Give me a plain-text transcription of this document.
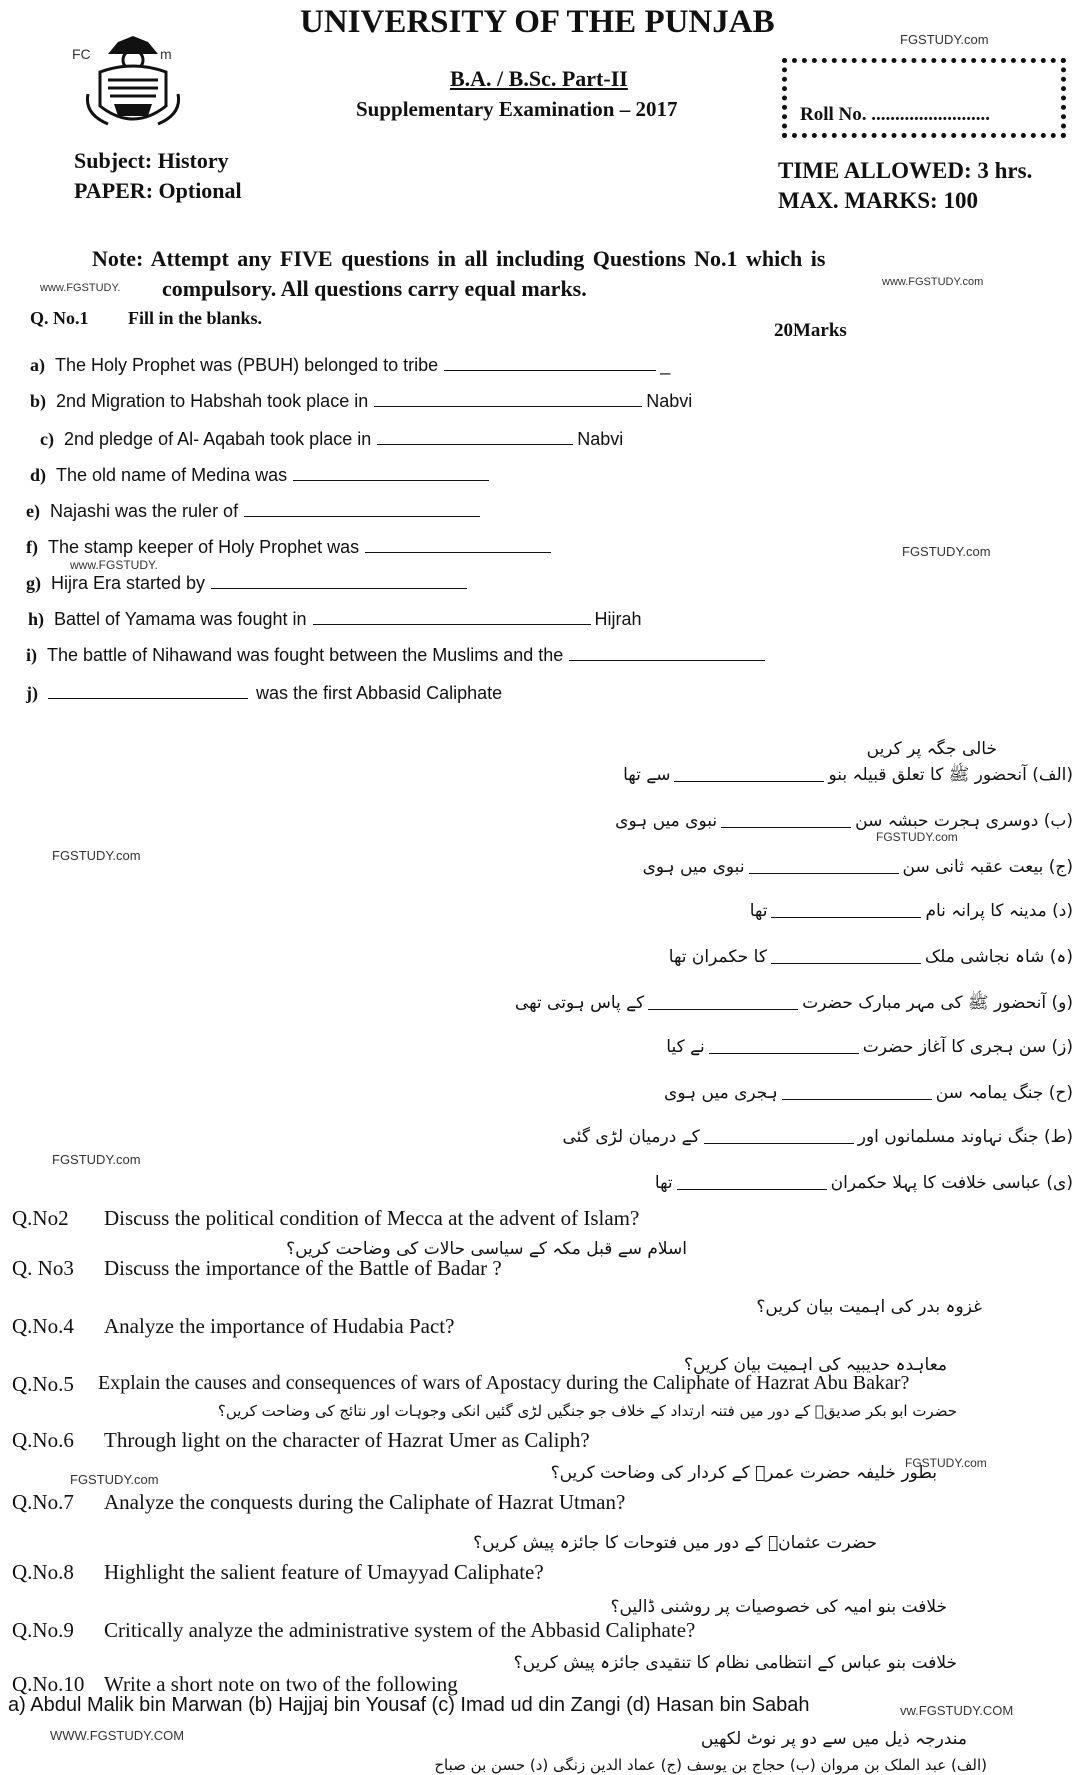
UNIVERSITY OF THE PUNJAB
FC	m
B.A. / B.Sc. Part-II
Supplementary Examination – 2017
FGSTUDY.com
Roll No. .........................
Subject: History
PAPER: Optional
TIME ALLOWED: 3 hrs.
MAX. MARKS: 100
Note: Attempt any FIVE questions in all including Questions No.1 which is
compulsory. All questions carry equal marks.	www.FGSTUDY.com
www.FGSTUDY.
Q. No.1 Fill in the blanks.
20Marks
a) The Holy Prophet was (PBUH) belonged to tribe	_
b) 2nd Migration to Habshah took place in	Nabvi
c) 2nd pledge of Al- Aqabah took place in	Nabvi
d) The old name of Medina was
e) Najashi was the ruler of
f) The stamp keeper of Holy Prophet was
g) Hijra Era started by
h) Battel of Yamama was fought in	Hijrah
i) The battle of Nihawand was fought between the Muslims and the
j)	was the first Abbasid Caliphate
www.FGSTUDY.
FGSTUDY.com
خالی جگہ پر کریں
(الف) آنحضور ﷺ کا تعلق قبیلہ بنوسے تھا
(ب) دوسری ہجرت حبشہ سننبوی میں ہوی
(ج) بیعت عقبہ ثانی سننبوی میں ہوی
(د) مدینہ کا پرانہ نامتھا
(ہ) شاہ نجاشی ملککا حکمران تھا
(و) آنحضور ﷺ کی مہر مبارک حضرتکے پاس ہوتی تھی
(ز) سن ہجری کا آغاز حضرتنے کیا
(ح) جنگ یمامہ سنہجری میں ہوی
(ط) جنگ نہاوند مسلمانوں اورکے درمیان لڑی گئی
(ی) عباسی خلافت کا پہلا حکمرانتھا
FGSTUDY.com
FGSTUDY.com
FGSTUDY.com
Q.No2 Discuss the political condition of Mecca at the advent of Islam?
اسلام سے قبل مکہ کے سیاسی حالات کی وضاحت کریں؟
Q. No3 Discuss the importance of the Battle of Badar ?
غزوہ بدر کی اہمیت بیان کریں؟
Q.No.4 Analyze the importance of Hudabia Pact?
معاہدہ حدیبیہ کی اہمیت بیان کریں؟
Q.No.5 Explain the causes and consequences of wars of Apostacy during the Caliphate of Hazrat Abu Bakar?
حضرت ابو بکر صدیقؓ کے دور میں فتنہ ارتداد کے خلاف جو جنگیں لڑی گئیں انکی وجوہات اور نتائج کی وضاحت کریں؟
Q.No.6 Through light on the character of Hazrat Umer as Caliph?
بطور خلیفہ حضرت عمرؓ کے کردار کی وضاحت کریں؟
Q.No.7 Analyze the conquests during the Caliphate of Hazrat Utman?
حضرت عثمانؓ کے دور میں فتوحات کا جائزہ پیش کریں؟
Q.No.8 Highlight the salient feature of Umayyad Caliphate?
خلافت بنو امیہ کی خصوصیات پر روشنی ڈالیں؟
Q.No.9 Critically analyze the administrative system of the Abbasid Caliphate?
خلافت بنو عباس کے انتظامی نظام کا تنقیدی جائزہ پیش کریں؟
Q.No.10 Write a short note on two of the following
FGSTUDY.com
FGSTUDY.com
a) Abdul Malik bin Marwan (b) Hajjaj bin Yousaf (c) Imad ud din Zangi (d) Hasan bin Sabah	vw.FGSTUDY.COM
WWW.FGSTUDY.COM	مندرجہ ذیل میں سے دو پر نوٹ لکھیں
(الف) عبد الملک بن مروان (ب) حجاج بن یوسف (ج) عماد الدین زنگی (د) حسن بن صباح
